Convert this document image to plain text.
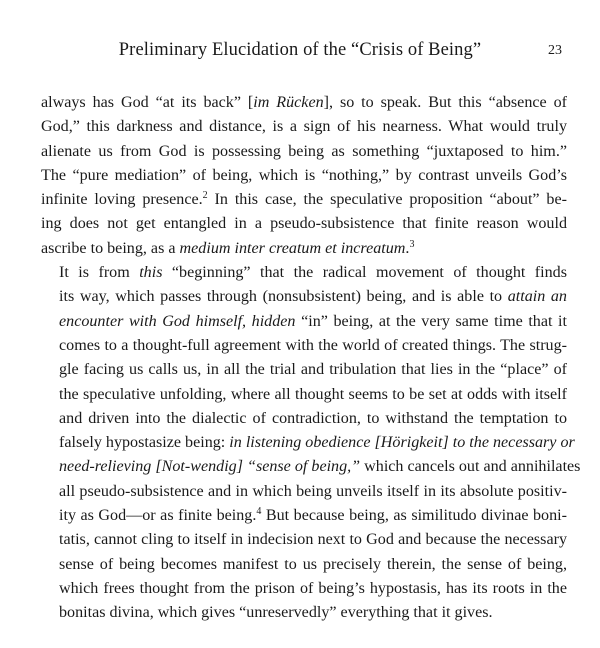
Preliminary Elucidation of the “Crisis of Being”	23

always has God “at its back” [im Rücken], so to speak. But this “absence of
God,” this darkness and distance, is a sign of his nearness. What would truly
alienate us from God is possessing being as something “juxtaposed to him.”
The “pure mediation” of being, which is “nothing,” by contrast unveils God’s
infinite loving presence.$^2$ In this case, the speculative proposition “about” be-
ing does not get entangled in a pseudo-subsistence that finite reason would
ascribe to being, as a medium inter creatum et increatum.$^3$

It is from this “beginning” that the radical movement of thought finds
its way, which passes through (nonsubsistent) being, and is able to attain an
encounter with God himself, hidden “in” being, at the very same time that it
comes to a thought-full agreement with the world of created things. The strug-
gle facing us calls us, in all the trial and tribulation that lies in the “place” of
the speculative unfolding, where all thought seems to be set at odds with itself
and driven into the dialectic of contradiction, to withstand the temptation to
falsely hypostasize being: in listening obedience [Hörigkeit] to the necessary or
need-relieving [Not-wendig] “sense of being,” which cancels out and annihilates
all pseudo-subsistence and in which being unveils itself in its absolute positiv-
ity as God—or as finite being.$^4$ But because being, as similitudo divinae boni-
tatis, cannot cling to itself in indecision next to God and because the necessary
sense of being becomes manifest to us precisely therein, the sense of being,
which frees thought from the prison of being’s hypostasis, has its roots in the
bonitas divina, which gives “unreservedly” everything that it gives.
